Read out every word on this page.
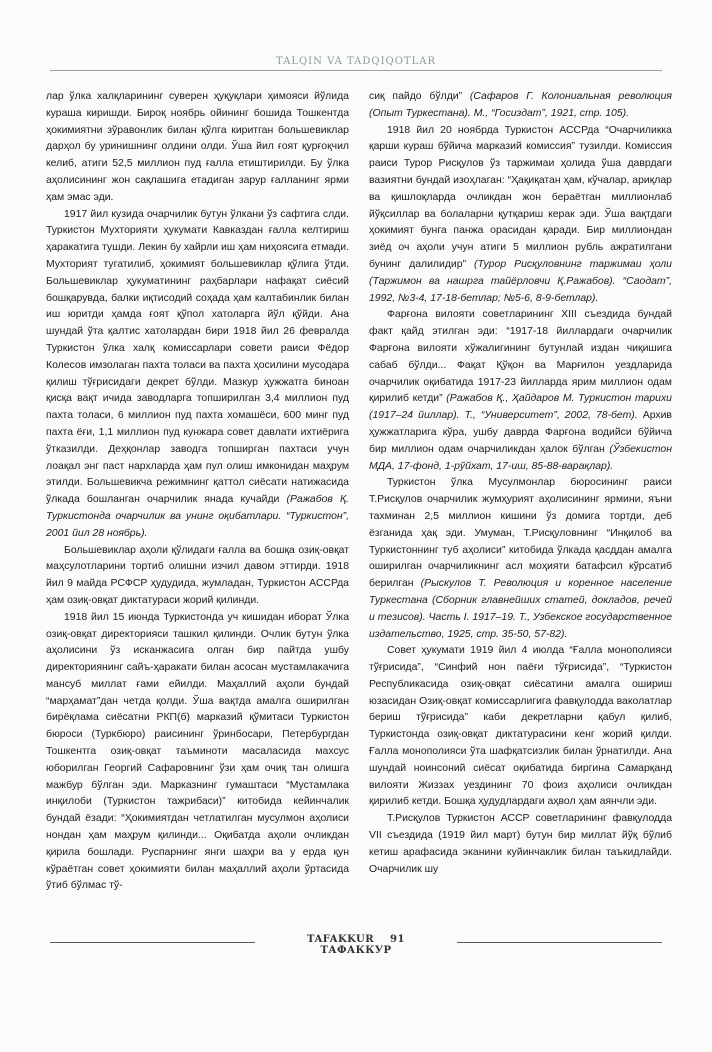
TALQIN VA TADQIQOTLAR

лар ўлка халқларининг суверен ҳуқуқлари ҳимояси йўлида кураша киришди. Бироқ ноябрь ойининг бошида Тошкентда ҳокимиятни зўравонлик билан қўлга киритган большевиклар дарҳол бу уринишнинг олдини олди. Ўша йил ғоят қурғоқчил келиб, атиги 52,5 миллион пуд ғалла етиштирилди. Бу ўлка аҳолисининг жон сақлашига етадиган зарур ғалланинг ярми ҳам эмас эди.

1917 йил кузида очарчилик бутун ўлкани ўз сафтига слди. Туркистон Мухторияти ҳукумати Кавказдан ғалла келтириш ҳаракатига тушди. Лекин бу хайрли иш ҳам ниҳоясига етмади. Мухторият тугатилиб, ҳокимият большевиклар қўлига ўтди. Большевиклар ҳукуматининг раҳбарлари нафақат сиёсий бошқарувда, балки иқтисодий соҳада ҳам калтабинлик билан иш юритди ҳамда ғоят қўпол хатоларга йўл қўйди. Ана шундай ўта қалтис хатолардан бири 1918 йил 26 февралда Туркистон ўлка халқ комиссарлари совети раиси Фёдор Колесов имзолаган пахта толаси ва пахта ҳосилини мусодара қилиш тўғрисидаги декрет бўлди. Мазкур ҳужжатга биноан қисқа вақт ичида заводларга топширилган 3,4 миллион пуд пахта толаси, 6 миллион пуд пахта хомашёси, 600 минг пуд пахта ёғи, 1,1 миллион пуд кунжара совет давлати ихтиёрига ўтказилди. Деҳқонлар заводга топширган пахтаси учун лоақал энг паст нархларда ҳам пул олиш имконидан маҳрум этилди. Большевикча режимнинг қаттол сиёсати натижасида ўлкада бошланган очарчилик янада кучайди (Ражабов Қ. Туркистонда очарчилик ва унинг оқибатлари. “Туркистон”, 2001 йил 28 ноябрь).

Большевиклар аҳоли қўлидаги ғалла ва бошқа озиқ-овқат маҳсулотларини тортиб олишни изчил давом эттирди. 1918 йил 9 майда РСФСР ҳудудида, жумладан, Туркистон АССРда ҳам озиқ-овқат диктатураси жорий қилинди.

1918 йил 15 июнда Туркистонда уч кишидан иборат Ўлка озиқ-овқат директорияси ташкил қилинди. Очлик бутун ўлка аҳолисини ўз исканжасига олган бир пайтда ушбу директориянинг сайъ-ҳаракати билан асосан мустамлакачига мансуб миллат ғами ейилди. Маҳаллий аҳоли бундай “марҳамат”дан четда қолди. Ўша вақтда амалга оширилган бирёқлама сиёсатни РКП(б) марказий қўмитаси Туркистон бюроси (Туркбюро) раисининг ўринбосари, Петербургдан Тошкентга озиқ-овқат таъминоти масаласида махсус юборилган Георгий Сафаровнинг ўзи ҳам очиқ тан олишга мажбур бўлган эди. Марказнинг гумаштаси “Мустамлака инқилоби (Туркистон тажрибаси)” китобида кейинчалик бундай ёзади: “Ҳокимиятдан четлатилган мусулмон аҳолиси нондан ҳам маҳрум қилинди... Оқибатда аҳоли очликдан қирила бошлади. Руспарнинг янги шаҳри ва у ерда қун кўраётган совет ҳокимияти билан маҳаллий аҳоли ўртасида ўтиб бўлмас тў-

сиқ пайдо бўлди” (Сафаров Г. Колониальная революция (Опыт Туркестана). М., “Госиздат”, 1921, стр. 105).

1918 йил 20 ноябрда Туркистон АССРда “Очарчиликка қарши кураш бўйича марказий комиссия” тузилди. Комиссия раиси Турор Рисқулов ўз таржимаи ҳолида ўша даврдаги вазиятни бундай изоҳлаган: “Ҳақиқатан ҳам, кўчалар, ариқлар ва қишлоқларда очликдан жон бераётган миллионлаб йўқсиллар ва болаларни қутқариш керак эди. Ўша вақтдаги ҳокимият бунга панжа орасидан қаради. Бир миллиондан зиёд оч аҳоли учун атиги 5 миллион рубль ажратилгани бунинг далилидир” (Турор Рисқуловнинг таржимаи ҳоли (Таржимон ва нашрга тайёрловчи Қ.Ражабов). “Саодат”, 1992, №3-4, 17-18-бетлар; №5-6, 8-9-бетлар).

Фарғона вилояти советларининг XIII съездида бундай факт қайд этилган эди: “1917-18 йиллардаги очарчилик Фарғона вилояти хўжалигининг бутунлай издан чиқишига сабаб бўлди... Фақат Қўқон ва Марғилон уездларида очарчилик оқибатида 1917-23 йилларда ярим миллион одам қирилиб кетди” (Ражабов Қ., Ҳайдаров М. Туркистон тарихи (1917–24 йиллар). Т., “Университет”, 2002, 78-бет). Архив ҳужжатларига кўра, ушбу даврда Фарғона водийси бўйича бир миллион одам очарчиликдан ҳалок бўлган (Ўзбекистон МДА, 17-фонд, 1-рўйхат, 17-иш, 85-88-варақлар).

Туркистон ўлка Мусулмонлар бюросининг раиси Т.Рисқулов очарчилик жумҳурият аҳолисининг ярмини, яъни тахминан 2,5 миллион кишини ўз домига тортди, деб ёзганида ҳақ эди. Умуман, Т.Рисқуловнинг “Инқилоб ва Туркистоннинг туб аҳолиси” китобида ўлкада қасддан амалга оширилган очарчиликнинг асл моҳияти батафсил кўрсатиб берилган (Рыскулов Т. Революция и коренное население Туркестана (Сборник главнейших статей, докладов, речей и тезисов). Часть I. 1917–19. Т., Узбекское государственное издательство, 1925, стр. 35-50, 57-82).

Совет ҳукумати 1919 йил 4 июлда “Ғалла монополияси тўғрисида”, “Синфий нон паёғи тўғрисида”, “Туркистон Республикасида озиқ-овқат сиёсатини амалга ошириш юзасидан Озиқ-овқат комиссарлигига фавқулодда ваколатлар бериш тўғрисида” каби декретларни қабул қилиб, Туркистонда озиқ-овқат диктатурасини кенг жорий қилди. Ғалла монополияси ўта шафқатсизлик билан ўрнатилди. Ана шундай ноинсоний сиёсат оқибатида биргина Самарқанд вилояти Жиззах уездининг 70 фоиз аҳолиси очликдан қирилиб кетди. Бошқа ҳудудлардаги аҳвол ҳам аянчли эди.

Т.Рисқулов Туркистон АССР советларининг фавқулодда VII съездида (1919 йил март) бутун бир миллат йўқ бўлиб кетиш арафасида эканини куйинчаклик билан таъкидлайди. Очарчилик шу

TAFAKKUR 91 ТАФАККУР
